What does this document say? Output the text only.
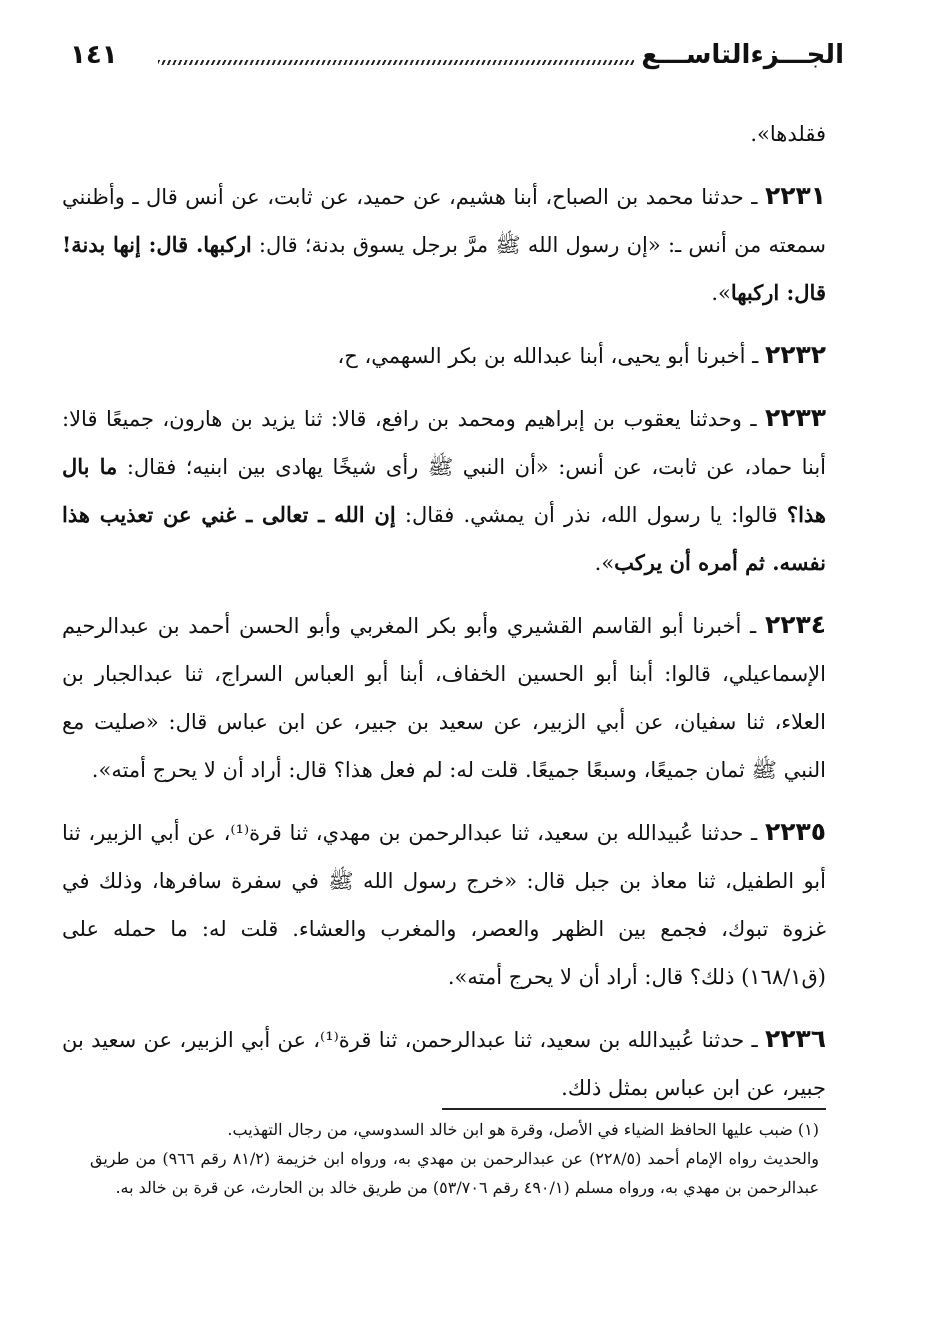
١٤١	الجـــزءالتاســـع

فقلدها».

٢٢٣١ ـ حدثنا محمد بن الصباح، أبنا هشيم، عن حميد، عن ثابت، عن أنس قال ـ وأظنني سمعته من أنس ـ: «إن رسول الله ﷺ مرَّ برجل يسوق بدنة؛ قال: اركبها. قال: إنها بدنة! قال: اركبها».

٢٢٣٢ ـ أخبرنا أبو يحيى، أبنا عبدالله بن بكر السهمي، ح،

٢٢٣٣ ـ وحدثنا يعقوب بن إبراهيم ومحمد بن رافع، قالا: ثنا يزيد بن هارون، جميعًا قالا: أبنا حماد، عن ثابت، عن أنس: «أن النبي ﷺ رأى شيخًا يهادى بين ابنيه؛ فقال: ما بال هذا؟ قالوا: يا رسول الله، نذر أن يمشي. فقال: إن الله ـ تعالى ـ غني عن تعذيب هذا نفسه. ثم أمره أن يركب».

٢٢٣٤ ـ أخبرنا أبو القاسم القشيري وأبو بكر المغربي وأبو الحسن أحمد بن عبدالرحيم الإسماعيلي، قالوا: أبنا أبو الحسين الخفاف، أبنا أبو العباس السراج، ثنا عبدالجبار بن العلاء، ثنا سفيان، عن أبي الزبير، عن سعيد بن جبير، عن ابن عباس قال: «صليت مع النبي ﷺ ثمان جميعًا، وسبعًا جميعًا. قلت له: لم فعل هذا؟ قال: أراد أن لا يحرج أمته».

٢٢٣٥ ـ حدثنا عُبيدالله بن سعيد، ثنا عبدالرحمن بن مهدي، ثنا قرة⁽¹⁾، عن أبي الزبير، ثنا أبو الطفيل، ثنا معاذ بن جبل قال: «خرج رسول الله ﷺ في سفرة سافرها، وذلك في غزوة تبوك، فجمع بين الظهر والعصر، والمغرب والعشاء. قلت له: ما حمله على (ق١٦٨/١) ذلك؟ قال: أراد أن لا يحرج أمته».

٢٢٣٦ ـ حدثنا عُبيدالله بن سعيد، ثنا عبدالرحمن، ثنا قرة⁽¹⁾، عن أبي الزبير، عن سعيد بن جبير، عن ابن عباس بمثل ذلك.

(١) ضبب عليها الحافظ الضياء في الأصل، وقرة هو ابن خالد السدوسي، من رجال التهذيب.

والحديث رواه الإمام أحمد (٢٢٨/٥) عن عبدالرحمن بن مهدي به، ورواه ابن خزيمة (٨١/٢ رقم ٩٦٦) من طريق عبدالرحمن بن مهدي به، ورواه مسلم (٤٩٠/١ رقم ٥٣/٧٠٦) من طريق خالد بن الحارث، عن قرة بن خالد به.
